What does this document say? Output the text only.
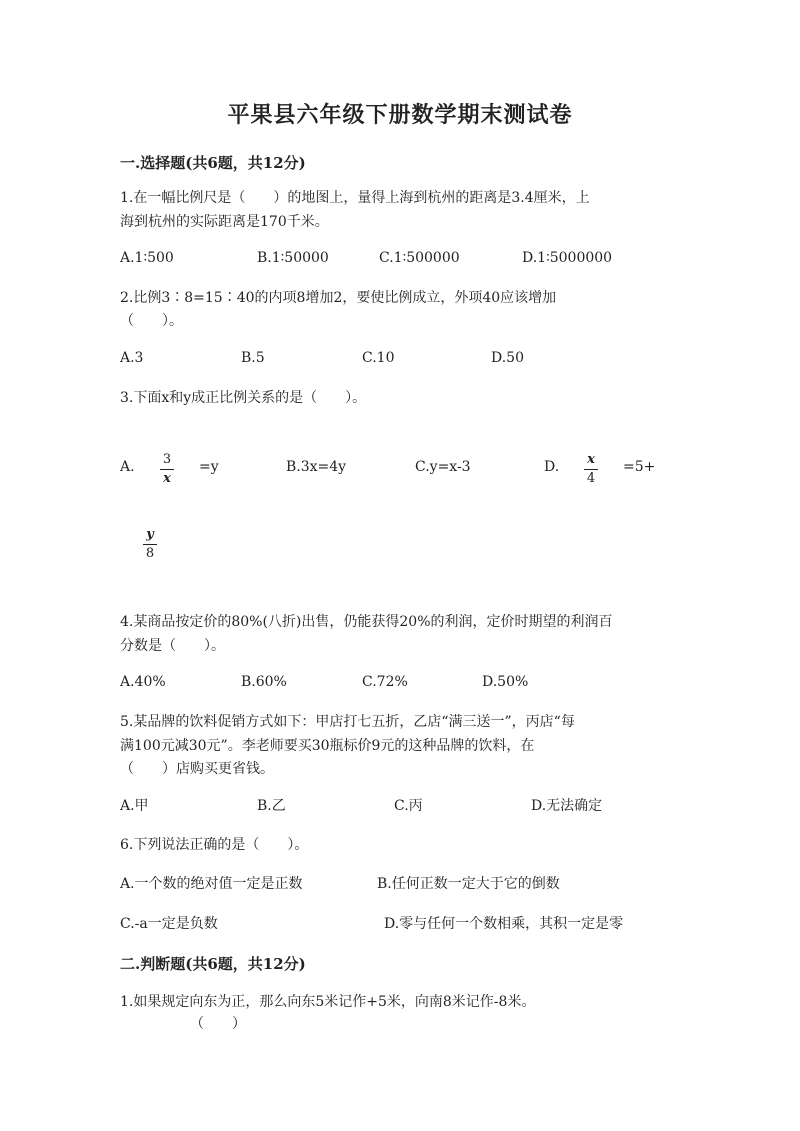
平果县六年级下册数学期末测试卷
一.选择题(共6题，共12分)
1.在一幅比例尺是（　　）的地图上，量得上海到杭州的距离是3.4厘米，上
海到杭州的实际距离是170千米。
A.1∶500	B.1∶50000	C.1∶500000	D.1∶5000000
2.比例3∶8=15∶40的内项8增加2，要使比例成立，外项40应该增加
（　　）。
A.3	B.5	C.10	D.50
3.下面x和y成正比例关系的是（　　）。
A. 3
x
=y	B.3x=4y	C.y=x-3	D. x
4
=5+
y
8
4.某商品按定价的80%(八折)出售，仍能获得20%的利润，定价时期望的利润百
分数是（　　）。
A.40%	B.60%	C.72%	D.50%
5.某品牌的饮料促销方式如下：甲店打七五折，乙店“满三送一”，丙店“每
满100元减30元”。李老师要买30瓶标价9元的这种品牌的饮料，在
（　　）店购买更省钱。
A.甲	B.乙	C.丙	D.无法确定
6.下列说法正确的是（　　）。
A.一个数的绝对值一定是正数	B.任何正数一定大于它的倒数
C.-a一定是负数	D.零与任何一个数相乘，其积一定是零
二.判断题(共6题，共12分)
1.如果规定向东为正，那么向东5米记作+5米，向南8米记作-8米。
（　　）
